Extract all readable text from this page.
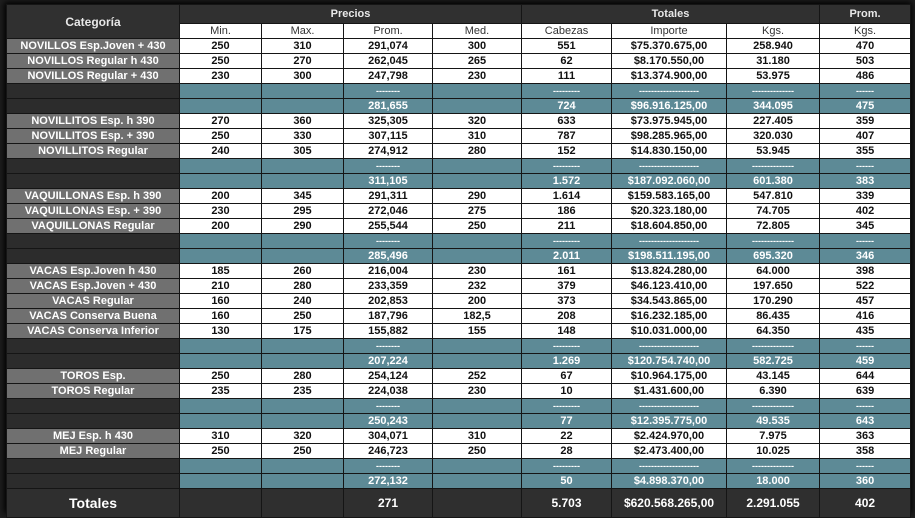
Categoría	Precios				Totales			Prom.
	Min.	Max.	Prom.	Med.	Cabezas	Importe	Kgs.	Kgs.
NOVILLOS Esp.Joven + 430	250	310	291,074	300	551	$75.370.675,00	258.940	470
NOVILLOS Regular h 430	250	270	262,045	265	62	$8.170.550,00	31.180	503
NOVILLOS Regular + 430	230	300	247,798	230	111	$13.374.900,00	53.975	486
			--------		---------	--------------------	--------------	------
			281,655		724	$96.916.125,00	344.095	475
NOVILLITOS Esp. h 390	270	360	325,305	320	633	$73.975.945,00	227.405	359
NOVILLITOS Esp. + 390	250	330	307,115	310	787	$98.285.965,00	320.030	407
NOVILLITOS Regular	240	305	274,912	280	152	$14.830.150,00	53.945	355
			--------		---------	--------------------	--------------	------
			311,105		1.572	$187.092.060,00	601.380	383
VAQUILLONAS Esp. h 390	200	345	291,311	290	1.614	$159.583.165,00	547.810	339
VAQUILLONAS Esp. + 390	230	295	272,046	275	186	$20.323.180,00	74.705	402
VAQUILLONAS Regular	200	290	255,544	250	211	$18.604.850,00	72.805	345
			--------		---------	--------------------	--------------	------
			285,496		2.011	$198.511.195,00	695.320	346
VACAS Esp.Joven h 430	185	260	216,004	230	161	$13.824.280,00	64.000	398
VACAS Esp.Joven + 430	210	280	233,359	232	379	$46.123.410,00	197.650	522
VACAS Regular	160	240	202,853	200	373	$34.543.865,00	170.290	457
VACAS Conserva Buena	160	250	187,796	182,5	208	$16.232.185,00	86.435	416
VACAS Conserva Inferior	130	175	155,882	155	148	$10.031.000,00	64.350	435
			--------		---------	--------------------	--------------	------
			207,224		1.269	$120.754.740,00	582.725	459
TOROS Esp.	250	280	254,124	252	67	$10.964.175,00	43.145	644
TOROS Regular	235	235	224,038	230	10	$1.431.600,00	6.390	639
			--------		---------	--------------------	--------------	------
			250,243		77	$12.395.775,00	49.535	643
MEJ Esp. h 430	310	320	304,071	310	22	$2.424.970,00	7.975	363
MEJ Regular	250	250	246,723	250	28	$2.473.400,00	10.025	358
			--------		---------	--------------------	--------------	------
			272,132		50	$4.898.370,00	18.000	360
Totales			271		5.703	$620.568.265,00	2.291.055	402
